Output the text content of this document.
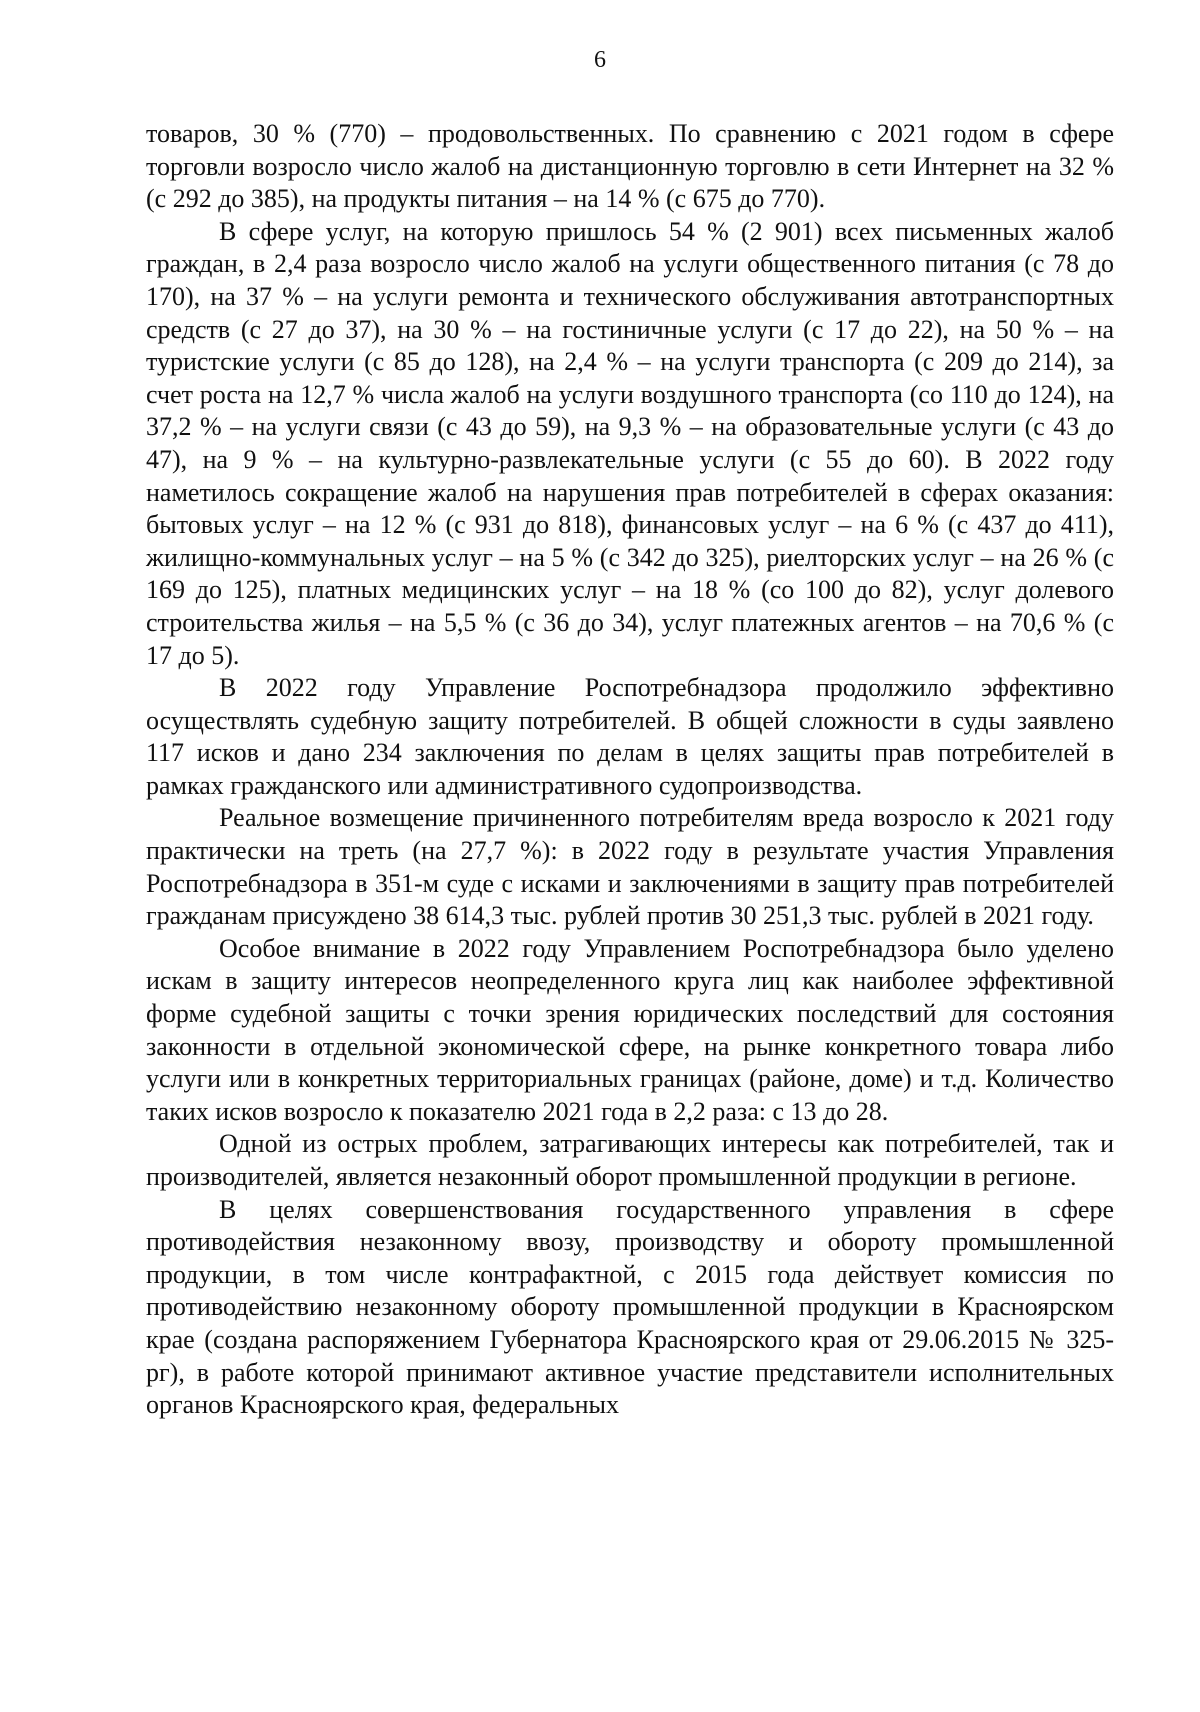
6

товаров, 30 % (770) – продовольственных. По сравнению с 2021 годом в сфере торговли возросло число жалоб на дистанционную торговлю в сети Интернет на 32 % (с 292 до 385), на продукты питания – на 14 % (с 675 до 770).

В сфере услуг, на которую пришлось 54 % (2 901) всех письменных жалоб граждан, в 2,4 раза возросло число жалоб на услуги общественного питания (с 78 до 170), на 37 % – на услуги ремонта и технического обслуживания автотранспортных средств (с 27 до 37), на 30 % – на гостиничные услуги (с 17 до 22), на 50 % – на туристские услуги (с 85 до 128), на 2,4 % – на услуги транспорта (с 209 до 214), за счет роста на 12,7 % числа жалоб на услуги воздушного транспорта (со 110 до 124), на 37,2 % – на услуги связи (с 43 до 59), на 9,3 % – на образовательные услуги (с 43 до 47), на 9 % – на культурно-развлекательные услуги (с 55 до 60). В 2022 году наметилось сокращение жалоб на нарушения прав потребителей в сферах оказания: бытовых услуг – на 12 % (с 931 до 818), финансовых услуг – на 6 % (с 437 до 411), жилищно-коммунальных услуг – на 5 % (с 342 до 325), риелторских услуг – на 26 % (с 169 до 125), платных медицинских услуг – на 18 % (со 100 до 82), услуг долевого строительства жилья – на 5,5 % (с 36 до 34), услуг платежных агентов – на 70,6 % (с 17 до 5).

В 2022 году Управление Роспотребнадзора продолжило эффективно осуществлять судебную защиту потребителей. В общей сложности в суды заявлено 117 исков и дано 234 заключения по делам в целях защиты прав потребителей в рамках гражданского или административного судопроизводства.

Реальное возмещение причиненного потребителям вреда возросло к 2021 году практически на треть (на 27,7 %): в 2022 году в результате участия Управления Роспотребнадзора в 351-м суде с исками и заключениями в защиту прав потребителей гражданам присуждено 38 614,3 тыс. рублей против 30 251,3 тыс. рублей в 2021 году.

Особое внимание в 2022 году Управлением Роспотребнадзора было уделено искам в защиту интересов неопределенного круга лиц как наиболее эффективной форме судебной защиты с точки зрения юридических последствий для состояния законности в отдельной экономической сфере, на рынке конкретного товара либо услуги или в конкретных территориальных границах (районе, доме) и т.д. Количество таких исков возросло к показателю 2021 года в 2,2 раза: с 13 до 28.

Одной из острых проблем, затрагивающих интересы как потребителей, так и производителей, является незаконный оборот промышленной продукции в регионе.

В целях совершенствования государственного управления в сфере противодействия незаконному ввозу, производству и обороту промышленной продукции, в том числе контрафактной, с 2015 года действует комиссия по противодействию незаконному обороту промышленной продукции в Красноярском крае (создана распоряжением Губернатора Красноярского края от 29.06.2015 № 325-рг), в работе которой принимают активное участие представители исполнительных органов Красноярского края, федеральных
